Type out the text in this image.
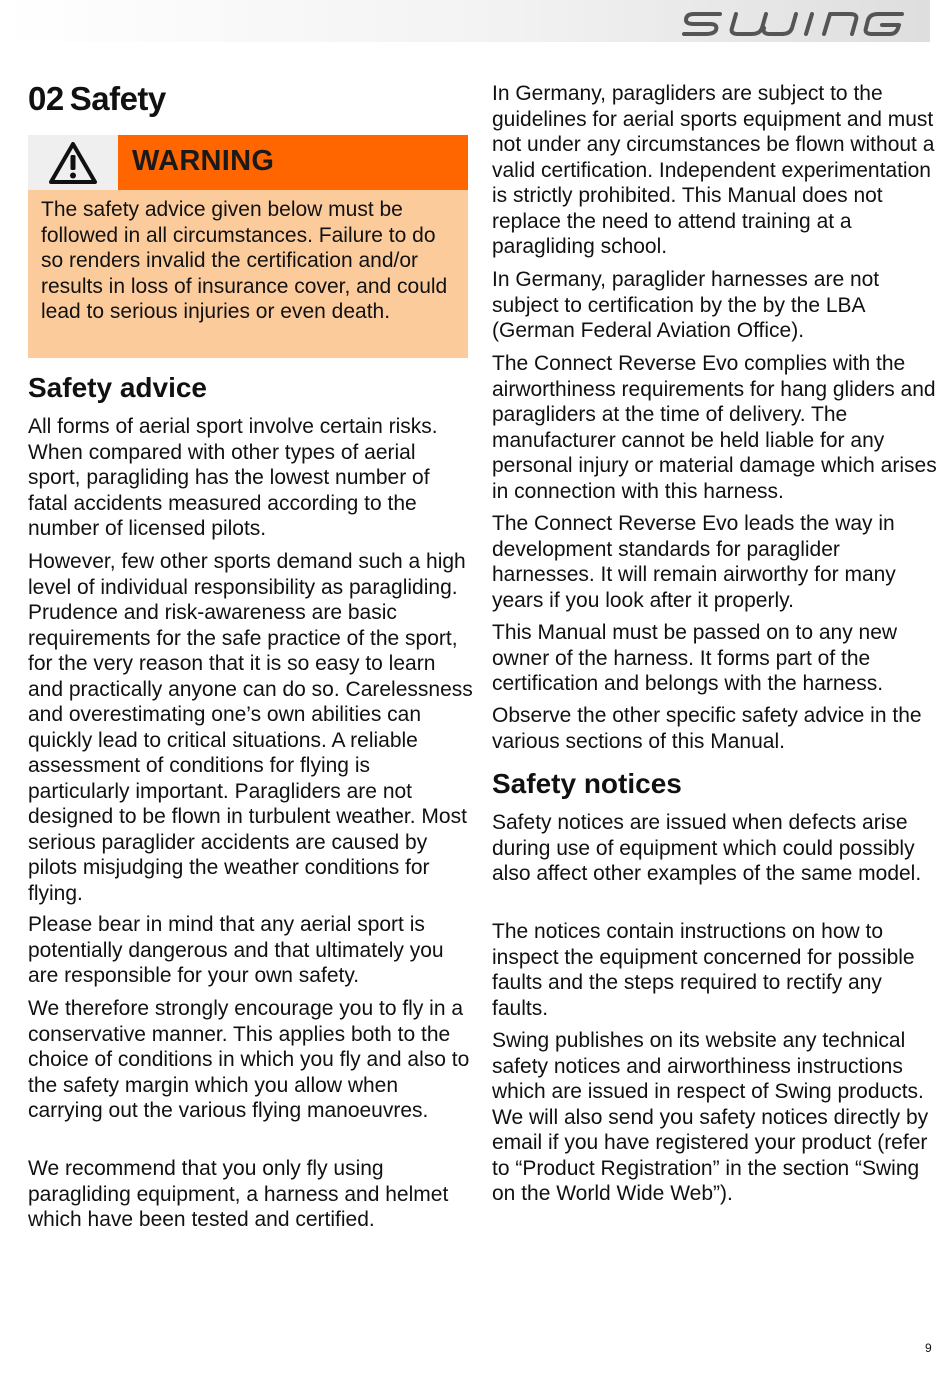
02 Safety
WARNING

The safety advice given below must be followed in all circumstances. Failure to do so renders invalid the certification and/or results in loss of insurance cover, and could lead to serious injuries or even death.

Safety advice

All forms of aerial sport involve certain risks. When compared with other types of aerial sport, paragliding has the lowest number of fatal accidents measured according to the number of licensed pilots.

However, few other sports demand such a high level of individual responsibility as paragliding. Prudence and risk-awareness are basic requirements for the safe practice of the sport, for the very reason that it is so easy to learn and practically anyone can do so. Carelessness and overestimating one’s own abilities can quickly lead to critical situations. A reliable assessment of conditions for flying is particularly important. Paragliders are not designed to be flown in turbulent weather. Most serious paraglider accidents are caused by pilots misjudging the weather conditions for flying.

Please bear in mind that any aerial sport is potentially dangerous and that ultimately you are responsible for your own safety.

We therefore strongly encourage you to fly in a conservative manner. This applies both to the choice of conditions in which you fly and also to the safety margin which you allow when carrying out the various flying manoeuvres.

We recommend that you only fly using paragliding equipment, a harness and helmet which have been tested and certified.

In Germany, paragliders are subject to the guidelines for aerial sports equipment and must not under any circumstances be flown without a valid certification. Independent experimentation is strictly prohibited. This Manual does not replace the need to attend training at a paragliding school.

In Germany, paraglider harnesses are not subject to certification by the by the LBA (German Federal Aviation Office).

The Connect Reverse Evo complies with the airworthiness requirements for hang gliders and paragliders at the time of delivery. The manufacturer cannot be held liable for any personal injury or material damage which arises in connection with this harness.

The Connect Reverse Evo leads the way in development standards for paraglider harnesses. It will remain airworthy for many years if you look after it properly.

This Manual must be passed on to any new owner of the harness. It forms part of the certification and belongs with the harness.

Observe the other specific safety advice in the various sections of this Manual.

Safety notices

Safety notices are issued when defects arise during use of equipment which could possibly also affect other examples of the same model.

The notices contain instructions on how to inspect the equipment concerned for possible faults and the steps required to rectify any faults.

Swing publishes on its website any technical safety notices and airworthiness instructions which are issued in respect of Swing products. We will also send you safety notices directly by email if you have registered your product (refer to “Product Registration” in the section “Swing on the World Wide Web”).

9
